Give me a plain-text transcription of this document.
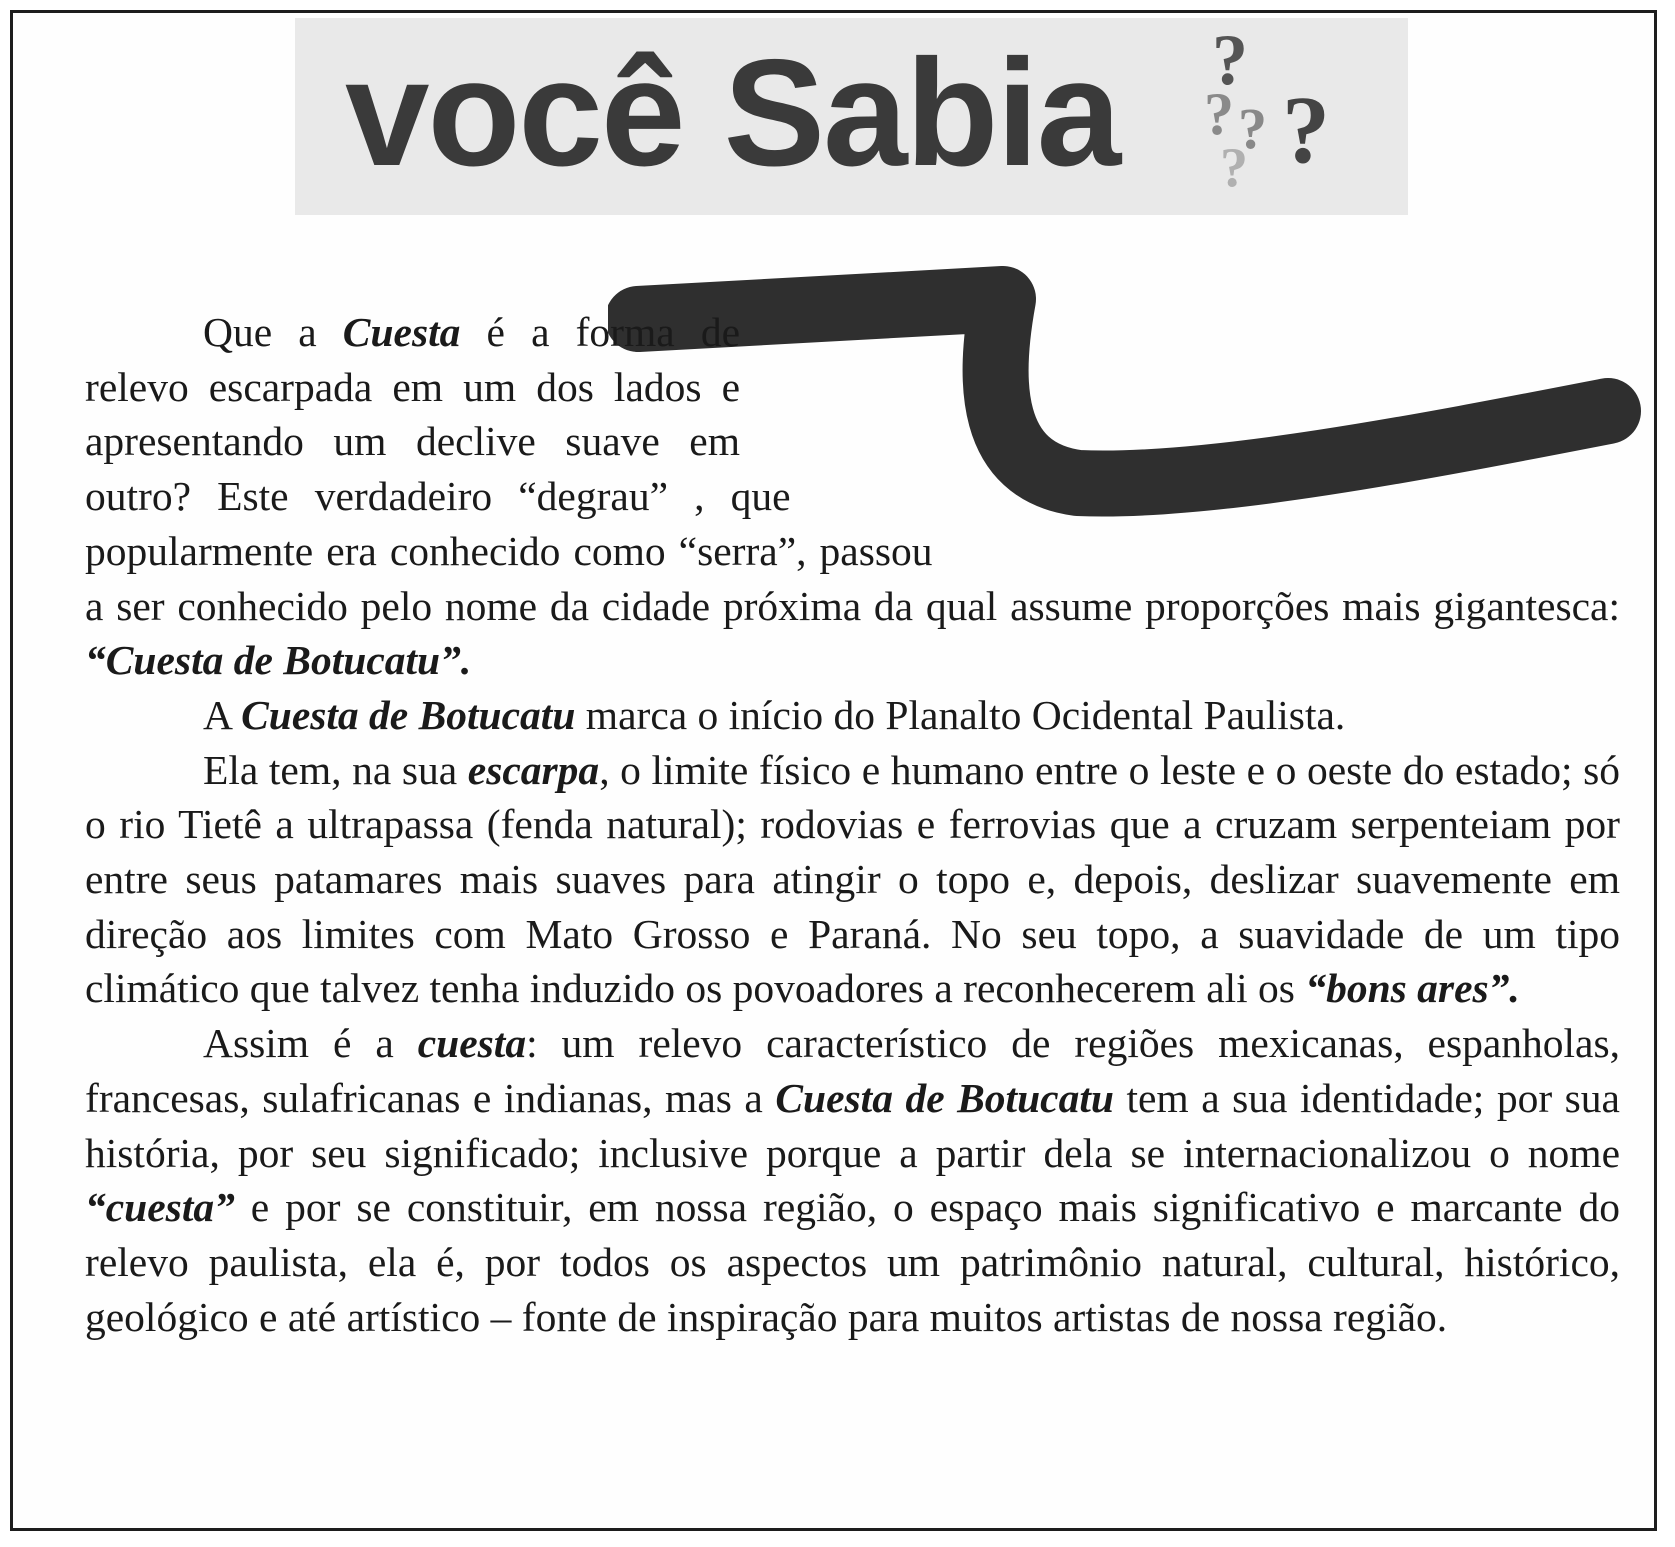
você Sabia ?
? ? ?
?

Que a Cuesta é a forma de relevo escarpada em um dos lados e apresentando um declive suave em outro? Este verdadeiro “degrau” , que popularmente era conhecido como “serra”, passou a ser conhecido pelo nome da cidade próxima da qual assume proporções mais gigantesca: “Cuesta de Botucatu”.

A Cuesta de Botucatu marca o início do Planalto Ocidental Paulista.

Ela tem, na sua escarpa, o limite físico e humano entre o leste e o oeste do estado; só o rio Tietê a ultrapassa (fenda natural); rodovias e ferrovias que a cruzam serpenteiam por entre seus patamares mais suaves para atingir o topo e, depois, deslizar suavemente em direção aos limites com Mato Grosso e Paraná. No seu topo, a suavidade de um tipo climático que talvez tenha induzido os povoadores a reconhecerem ali os “bons ares”.

Assim é a cuesta: um relevo característico de regiões mexicanas, espanholas, francesas, sulafricanas e indianas, mas a Cuesta de Botucatu tem a sua identidade; por sua história, por seu significado; inclusive porque a partir dela se internacionalizou o nome “cuesta” e por se constituir, em nossa região, o espaço mais significativo e marcante do relevo paulista, ela é, por todos os aspectos um patrimônio natural, cultural, histórico, geológico e até artístico – fonte de inspiração para muitos artistas de nossa região.
